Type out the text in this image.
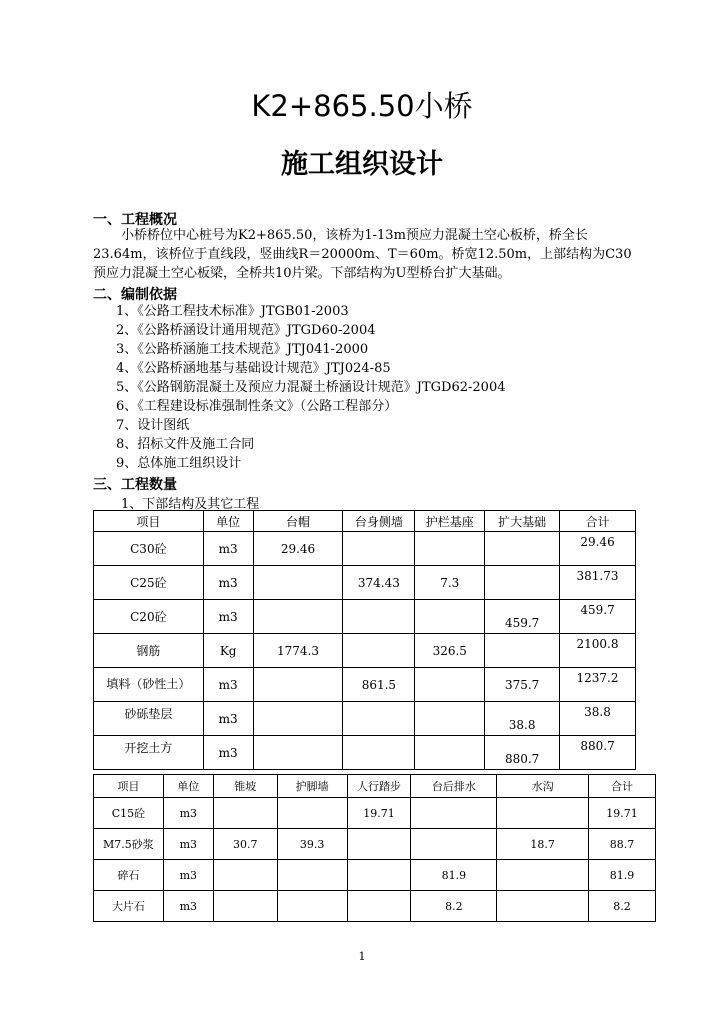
K2+865.50小桥
施工组织设计
一、工程概况
小桥桥位中心桩号为K2+865.50，该桥为1-13m预应力混凝土空心板桥，桥全长
23.64m，该桥位于直线段，竖曲线R＝20000m、T＝60m。桥宽12.50m，上部结构为C30
预应力混凝土空心板梁，全桥共10片梁。下部结构为U型桥台扩大基础。
二、编制依据
1、《公路工程技术标准》JTGB01-2003
2、《公路桥涵设计通用规范》JTGD60-2004
3、《公路桥涵施工技术规范》JTJ041-2000
4、《公路桥涵地基与基础设计规范》JTJ024-85
5、《公路钢筋混凝土及预应力混凝土桥涵设计规范》JTGD62-2004
6、《工程建设标准强制性条文》（公路工程部分）
7、设计图纸
8、招标文件及施工合同
9、总体施工组织设计
三、工程数量
1、下部结构及其它工程
项目	单位	台帽	台身侧墙	护栏基座	扩大基础	合计
C30砼	m3	29.46				29.46
C25砼	m3		374.43	7.3		381.73
C20砼	m3				459.7	459.7
钢筋	Kg	1774.3		326.5		2100.8
填料（砂性土）	m3		861.5		375.7	1237.2
砂砾垫层	m3				38.8	38.8
开挖土方	m3				880.7	880.7
项目	单位	锥坡	护脚墙	人行踏步	台后排水	水沟	合计
C15砼	m3			19.71			19.71
M7.5砂浆	m3	30.7	39.3			18.7	88.7
碎石	m3				81.9		81.9
大片石	m3				8.2		8.2
1
